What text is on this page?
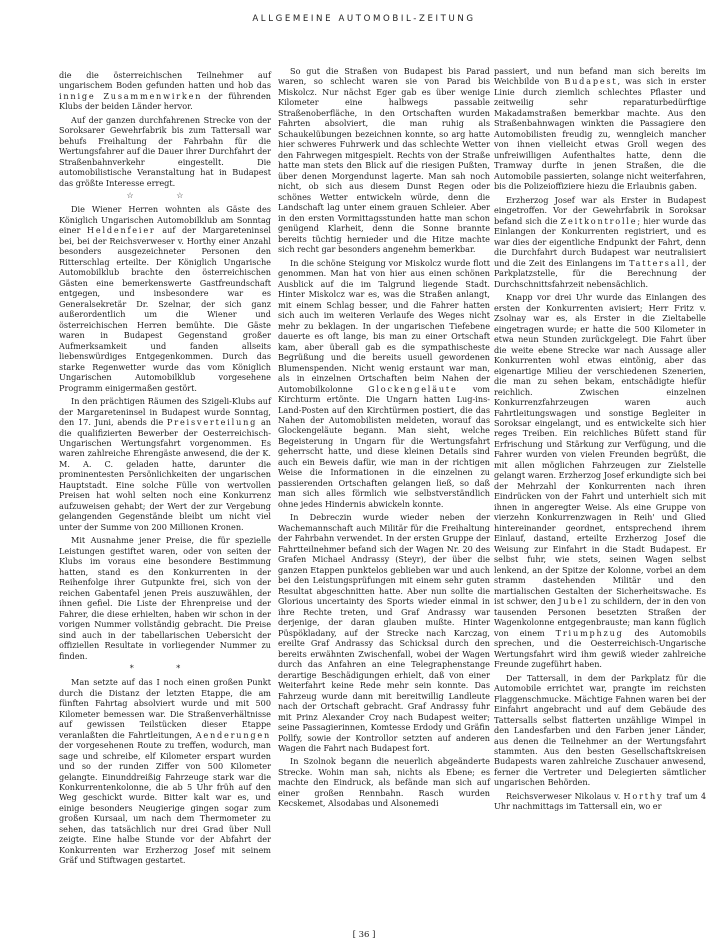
ALLGEMEINE AUTOMOBIL-ZEITUNG

die die österreichischen Teilnehmer auf ungarischem Boden gefunden hatten und hob das innige Zusammenwirken der führenden Klubs der beiden Länder hervor.

Auf der ganzen durchfahrenen Strecke von der Soroksarer Gewehrfabrik bis zum Tattersall war behufs Freihaltung der Fahrbahn für die Wertungsfahrer auf die Dauer ihrer Durchfahrt der Straßenbahnverkehr eingestellt. Die automobilistische Veranstaltung hat in Budapest das größte Interesse erregt.

☆ ☆

Die Wiener Herren wohnten als Gäste des Königlich Ungarischen Automobilklub am Sonntag einer Heldenfeier auf der Margareteninsel bei, bei der Reichsverweser v. Horthy einer Anzahl besonders ausgezeichneter Personen den Ritterschlag erteilte. Der Königlich Ungarische Automobilklub brachte den österreichischen Gästen eine bemerkenswerte Gastfreundschaft entgegen, und insbesondere war es Generalsekretär Dr. Szelnar, der sich ganz außerordentlich um die Wiener und österreichischen Herren bemühte. Die Gäste waren in Budapest Gegenstand großer Aufmerksamkeit und fanden allseits liebenswürdiges Entgegenkommen. Durch das starke Regenwetter wurde das vom Königlich Ungarischen Automobilklub vorgesehene Programm einigermaßen gestört.

In den prächtigen Räumen des Szigeli-Klubs auf der Margareteninsel in Budapest wurde Sonntag, den 17. Juni, abends die Preisverteilung an die qualifizierten Bewerber der Oesterreichisch-Ungarischen Wertungsfahrt vorgenommen. Es waren zahlreiche Ehrengäste anwesend, die der K. M. A. C. geladen hatte, darunter die prominentesten Persönlichkeiten der ungarischen Hauptstadt. Eine solche Fülle von wertvollen Preisen hat wohl selten noch eine Konkurrenz aufzuweisen gehabt; der Wert der zur Vergebung gelangenden Gegenstände bleibt um nicht viel unter der Summe von 200 Millionen Kronen.

Mit Ausnahme jener Preise, die für spezielle Leistungen gestiftet waren, oder von seiten der Klubs im voraus eine besondere Bestimmung hatten, stand es den Konkurrenten in der Reihenfolge ihrer Gutpunkte frei, sich von der reichen Gabentafel jenen Preis auszuwählen, der ihnen gefiel. Die Liste der Ehrenpreise und der Fahrer, die diese erhielten, haben wir schon in der vorigen Nummer vollständig gebracht. Die Preise sind auch in der tabellarischen Uebersicht der offiziellen Resultate in vorliegender Nummer zu finden.

* *

Man setzte auf das I noch einen großen Punkt durch die Distanz der letzten Etappe, die am fünften Fahrtag absolviert wurde und mit 500 Kilometer bemessen war. Die Straßenverhältnisse auf gewissen Teilstücken dieser Etappe veranlaßten die Fahrtleitungen, Aenderungen der vorgesehenen Route zu treffen, wodurch, man sage und schreibe, elf Kilometer erspart wurden und so der runden Ziffer von 500 Kilometer gelangte. Einunddreißig Fahrzeuge stark war die Konkurrentenkolonne, die ab 5 Uhr früh auf den Weg geschickt wurde. Bitter kalt war es, und einige besonders Neugierige gingen sogar zum großen Kursaal, um nach dem Thermometer zu sehen, das tatsächlich nur drei Grad über Null zeigte. Eine halbe Stunde vor der Abfahrt der Konkurrenten war Erzherzog Josef mit seinem Gräf und Stiftwagen gestartet.

So gut die Straßen von Budapest bis Parad waren, so schlecht waren sie von Parad bis Miskolcz. Nur nächst Eger gab es über wenige Kilometer eine halbwegs passable Straßenoberfläche, in den Ortschaften wurden Fahrten absolviert, die man ruhig als Schaukelübungen bezeichnen konnte, so arg hatte hier schweres Fuhrwerk und das schlechte Wetter den Fahrwegen mitgespielt. Rechts von der Straße hatte man stets den Blick auf die riesigen Pußten, über denen Morgendunst lagerte. Man sah noch nicht, ob sich aus diesem Dunst Regen oder schönes Wetter entwickeln würde, denn die Landschaft lag unter einem grauen Schleier. Aber in den ersten Vormittagsstunden hatte man schon genügend Klarheit, denn die Sonne brannte bereits tüchtig hernieder und die Hitze machte sich recht gar besonders angenehm bemerkbar.

In die schöne Steigung vor Miskolcz wurde flott genommen. Man hat von hier aus einen schönen Ausblick auf die im Talgrund liegende Stadt. Hinter Miskolcz war es, was die Straßen anlangt, mit einem Schlag besser, und die Fahrer hatten sich auch im weiteren Verlaufe des Weges nicht mehr zu beklagen. In der ungarischen Tiefebene dauerte es oft lange, bis man zu einer Ortschaft kam, aber überall gab es die sympathischeste Begrüßung und die bereits usuell gewordenen Blumenspenden. Nicht wenig erstaunt war man, als in einzelnen Ortschaften beim Nahen der Automobilkolonne Glockengeläute vom Kirchturm ertönte. Die Ungarn hatten Lug-ins-Land-Posten auf den Kirchtürmen postiert, die das Nahen der Automobilisten meldeten, worauf das Glockengeläute begann. Man sieht, welche Begeisterung in Ungarn für die Wertungsfahrt geherrscht hatte, und diese kleinen Details sind auch ein Beweis dafür, wie man in der richtigen Weise die Informationen in die einzelnen zu passierenden Ortschaften gelangen ließ, so daß man sich alles förmlich wie selbstverständlich ohne jedes Hindernis abwickeln konnte.

In Debreczin wurde wieder neben der Wachemannschaft auch Militär für die Freihaltung der Fahrbahn verwendet. In der ersten Gruppe der Fahrtteilnehmer befand sich der Wagen Nr. 20 des Grafen Michael Andrassy (Steyr), der über die ganzen Etappen punktelos geblieben war und auch bei den Leistungsprüfungen mit einem sehr guten Resultat abgeschnitten hatte. Aber nun sollte die Glorious uncertainty des Sports wieder einmal in ihre Rechte treten, und Graf Andrassy war derjenige, der daran glauben mußte. Hinter Püspökladany, auf der Strecke nach Karczag, ereilte Graf Andrassy das Schicksal durch den bereits erwähnten Zwischenfall, wobei der Wagen durch das Anfahren an eine Telegraphenstange derartige Beschädigungen erhielt, daß von einer Weiterfahrt keine Rede mehr sein konnte. Das Fahrzeug wurde dann mit bereitwillig Landleute nach der Ortschaft gebracht. Graf Andrassy fuhr mit Prinz Alexander Croy nach Budapest weiter; seine Passagierinnen, Komtesse Erdody und Gräfin Pollfy, sowie der Kontrollor setzten auf anderen Wagen die Fahrt nach Budapest fort.

In Szolnok begann die neuerlich abgeänderte Strecke. Wohin man sah, nichts als Ebene; es machte den Eindruck, als befände man sich auf einer großen Rennbahn. Rasch wurden Kecskemet, Alsodabas und Alsonemedi

passiert, und nun befand man sich bereits im Weichbilde von Budapest, was sich in erster Linie durch ziemlich schlechtes Pflaster und zeitweilig sehr reparaturbedürftige Makadamstraßen bemerkbar machte. Aus den Straßenbahnwagen winkten die Passagiere den Automobilisten freudig zu, wenngleich mancher von ihnen vielleicht etwas Groll wegen des unfreiwilligen Aufenthaltes hatte, denn die Tramway durfte in jenen Straßen, die die Automobile passierten, solange nicht weiterfahren, bis die Polizeioffiziere hiezu die Erlaubnis gaben.

Erzherzog Josef war als Erster in Budapest eingetroffen. Vor der Gewehrfabrik in Soroksar befand sich die Zeitkontrolle; hier wurde das Einlangen der Konkurrenten registriert, und es war dies der eigentliche Endpunkt der Fahrt, denn die Durchfahrt durch Budapest war neutralisiert und die Zeit des Einlangens im Tattersall, der Parkplatzstelle, für die Berechnung der Durchschnittsfahrzeit nebensächlich.

Knapp vor drei Uhr wurde das Einlangen des ersten der Konkurrenten avisiert; Herr Fritz v. Zsolnay war es, als Erster in die Zieltabelle eingetragen wurde; er hatte die 500 Kilometer in etwa neun Stunden zurückgelegt. Die Fahrt über die weite ebene Strecke war nach Aussage aller Konkurrenten wohl etwas eintönig, aber das eigenartige Milieu der verschiedenen Szenerien, die man zu sehen bekam, entschädigte hiefür reichlich. Zwischen einzelnen Konkurrenzfahrzeugen waren auch Fahrtleitungswagen und sonstige Begleiter in Soroksar eingelangt, und es entwickelte sich hier reges Treiben. Ein reichliches Büfett stand für Erfrischung und Stärkung zur Verfügung, und die Fahrer wurden von vielen Freunden begrüßt, die mit allen möglichen Fahrzeugen zur Zielstelle gelangt waren. Erzherzog Josef erkundigte sich bei der Mehrzahl der Konkurrenten nach ihren Eindrücken von der Fahrt und unterhielt sich mit ihnen in angeregter Weise. Als eine Gruppe von vierzehn Konkurrenzwagen in Reih' und Glied hintereinander geordnet, entsprechend ihrem Einlauf, dastand, erteilte Erzherzog Josef die Weisung zur Einfahrt in die Stadt Budapest. Er selbst fuhr, wie stets, seinen Wagen selbst lenkend, an der Spitze der Kolonne, vorbei an dem stramm dastehenden Militär und den martialischen Gestalten der Sicherheitswache. Es ist schwer, den Jubel zu schildern, der in den von tausenden Personen besetzten Straßen der Wagenkolonne entgegenbrauste; man kann füglich von einem Triumphzug des Automobils sprechen, und die Oesterreichisch-Ungarische Wertungsfahrt wird ihm gewiß wieder zahlreiche Freunde zugeführt haben.

Der Tattersall, in dem der Parkplatz für die Automobile errichtet war, prangte im reichsten Flaggenschmucke. Mächtige Fahnen waren bei der Einfahrt angebracht und auf dem Gebäude des Tattersalls selbst flatterten unzählige Wimpel in den Landesfarben und den Farben jener Länder, aus denen die Teilnehmer an der Wertungsfahrt stammten. Aus den besten Gesellschaftskreisen Budapests waren zahlreiche Zuschauer anwesend, ferner die Vertreter und Delegierten sämtlicher ungarischen Behörden.

Reichsverweser Nikolaus v. Horthy traf um 4 Uhr nachmittags im Tattersall ein, wo er

[ 36 ]
